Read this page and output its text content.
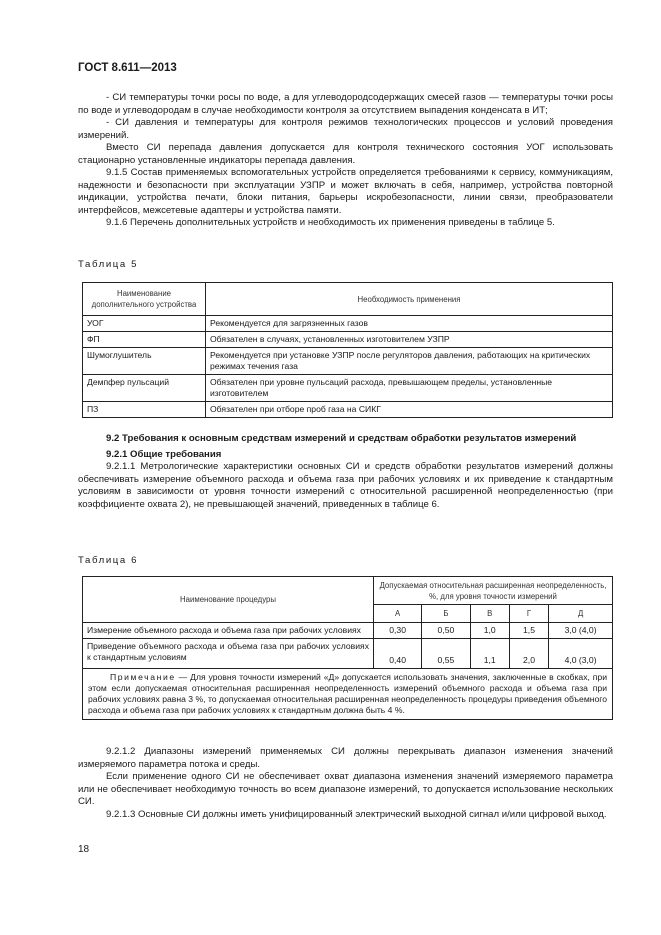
ГОСТ 8.611—2013
- СИ температуры точки росы по воде, а для углеводородсодержащих смесей газов — температуры точки росы по воде и углеводородам в случае необходимости контроля за отсутствием выпадения конденсата в ИТ;
- СИ давления и температуры для контроля режимов технологических процессов и условий проведения измерений.
Вместо СИ перепада давления допускается для контроля технического состояния УОГ использовать стационарно установленные индикаторы перепада давления.
9.1.5 Состав применяемых вспомогательных устройств определяется требованиями к сервису, коммуникациям, надежности и безопасности при эксплуатации УЗПР и может включать в себя, например, устройства повторной индикации, устройства печати, блоки питания, барьеры искробезопасности, линии связи, преобразователи интерфейсов, межсетевые адаптеры и устройства памяти.
9.1.6 Перечень дополнительных устройств и необходимость их применения приведены в таблице 5.
Таблица 5
Наименование дополнительного устройства	Необходимость применения
УОГ	Рекомендуется для загрязненных газов
ФП	Обязателен в случаях, установленных изготовителем УЗПР
Шумоглушитель	Рекомендуется при установке УЗПР после регуляторов давления, работающих на критических режимах течения газа
Демпфер пульсаций	Обязателен при уровне пульсаций расхода, превышающем пределы, установленные изготовителем
ПЗ	Обязателен при отборе проб газа на СИКГ
9.2 Требования к основным средствам измерений и средствам обработки результатов измерений
9.2.1 Общие требования
9.2.1.1 Метрологические характеристики основных СИ и средств обработки результатов измерений должны обеспечивать измерение объемного расхода и объема газа при рабочих условиях и их приведение к стандартным условиям в зависимости от уровня точности измерений с относительной расширенной неопределенностью (при коэффициенте охвата 2), не превышающей значений, приведенных в таблице 6.
Таблица 6
Наименование процедуры	Допускаемая относительная расширенная неопределенность, %, для уровня точности измерений				
	А	Б	В	Г	Д
Измерение объемного расхода и объема газа при рабочих условиях	0,30	0,50	1,0	1,5	3,0 (4,0)
Приведение объемного расхода и объема газа при рабочих условиях к стандартным условиям	0,40	0,55	1,1	2,0	4,0 (3,0)
Примечание — Для уровня точности измерений «Д» допускается использовать значения, заключенные в скобках, при этом если допускаемая относительная расширенная неопределенность измерений объемного расхода и объема газа при рабочих условиях равна 3 %, то допускаемая относительная расширенная неопределенность процедуры приведения объемного расхода и объема газа при рабочих условиях к стандартным должна быть 4 %.					
9.2.1.2 Диапазоны измерений применяемых СИ должны перекрывать диапазон изменения значений измеряемого параметра потока и среды.
Если применение одного СИ не обеспечивает охват диапазона изменения значений измеряемого параметра или не обеспечивает необходимую точность во всем диапазоне измерений, то допускается использование нескольких СИ.
9.2.1.3 Основные СИ должны иметь унифицированный электрический выходной сигнал и/или цифровой выход.
18
